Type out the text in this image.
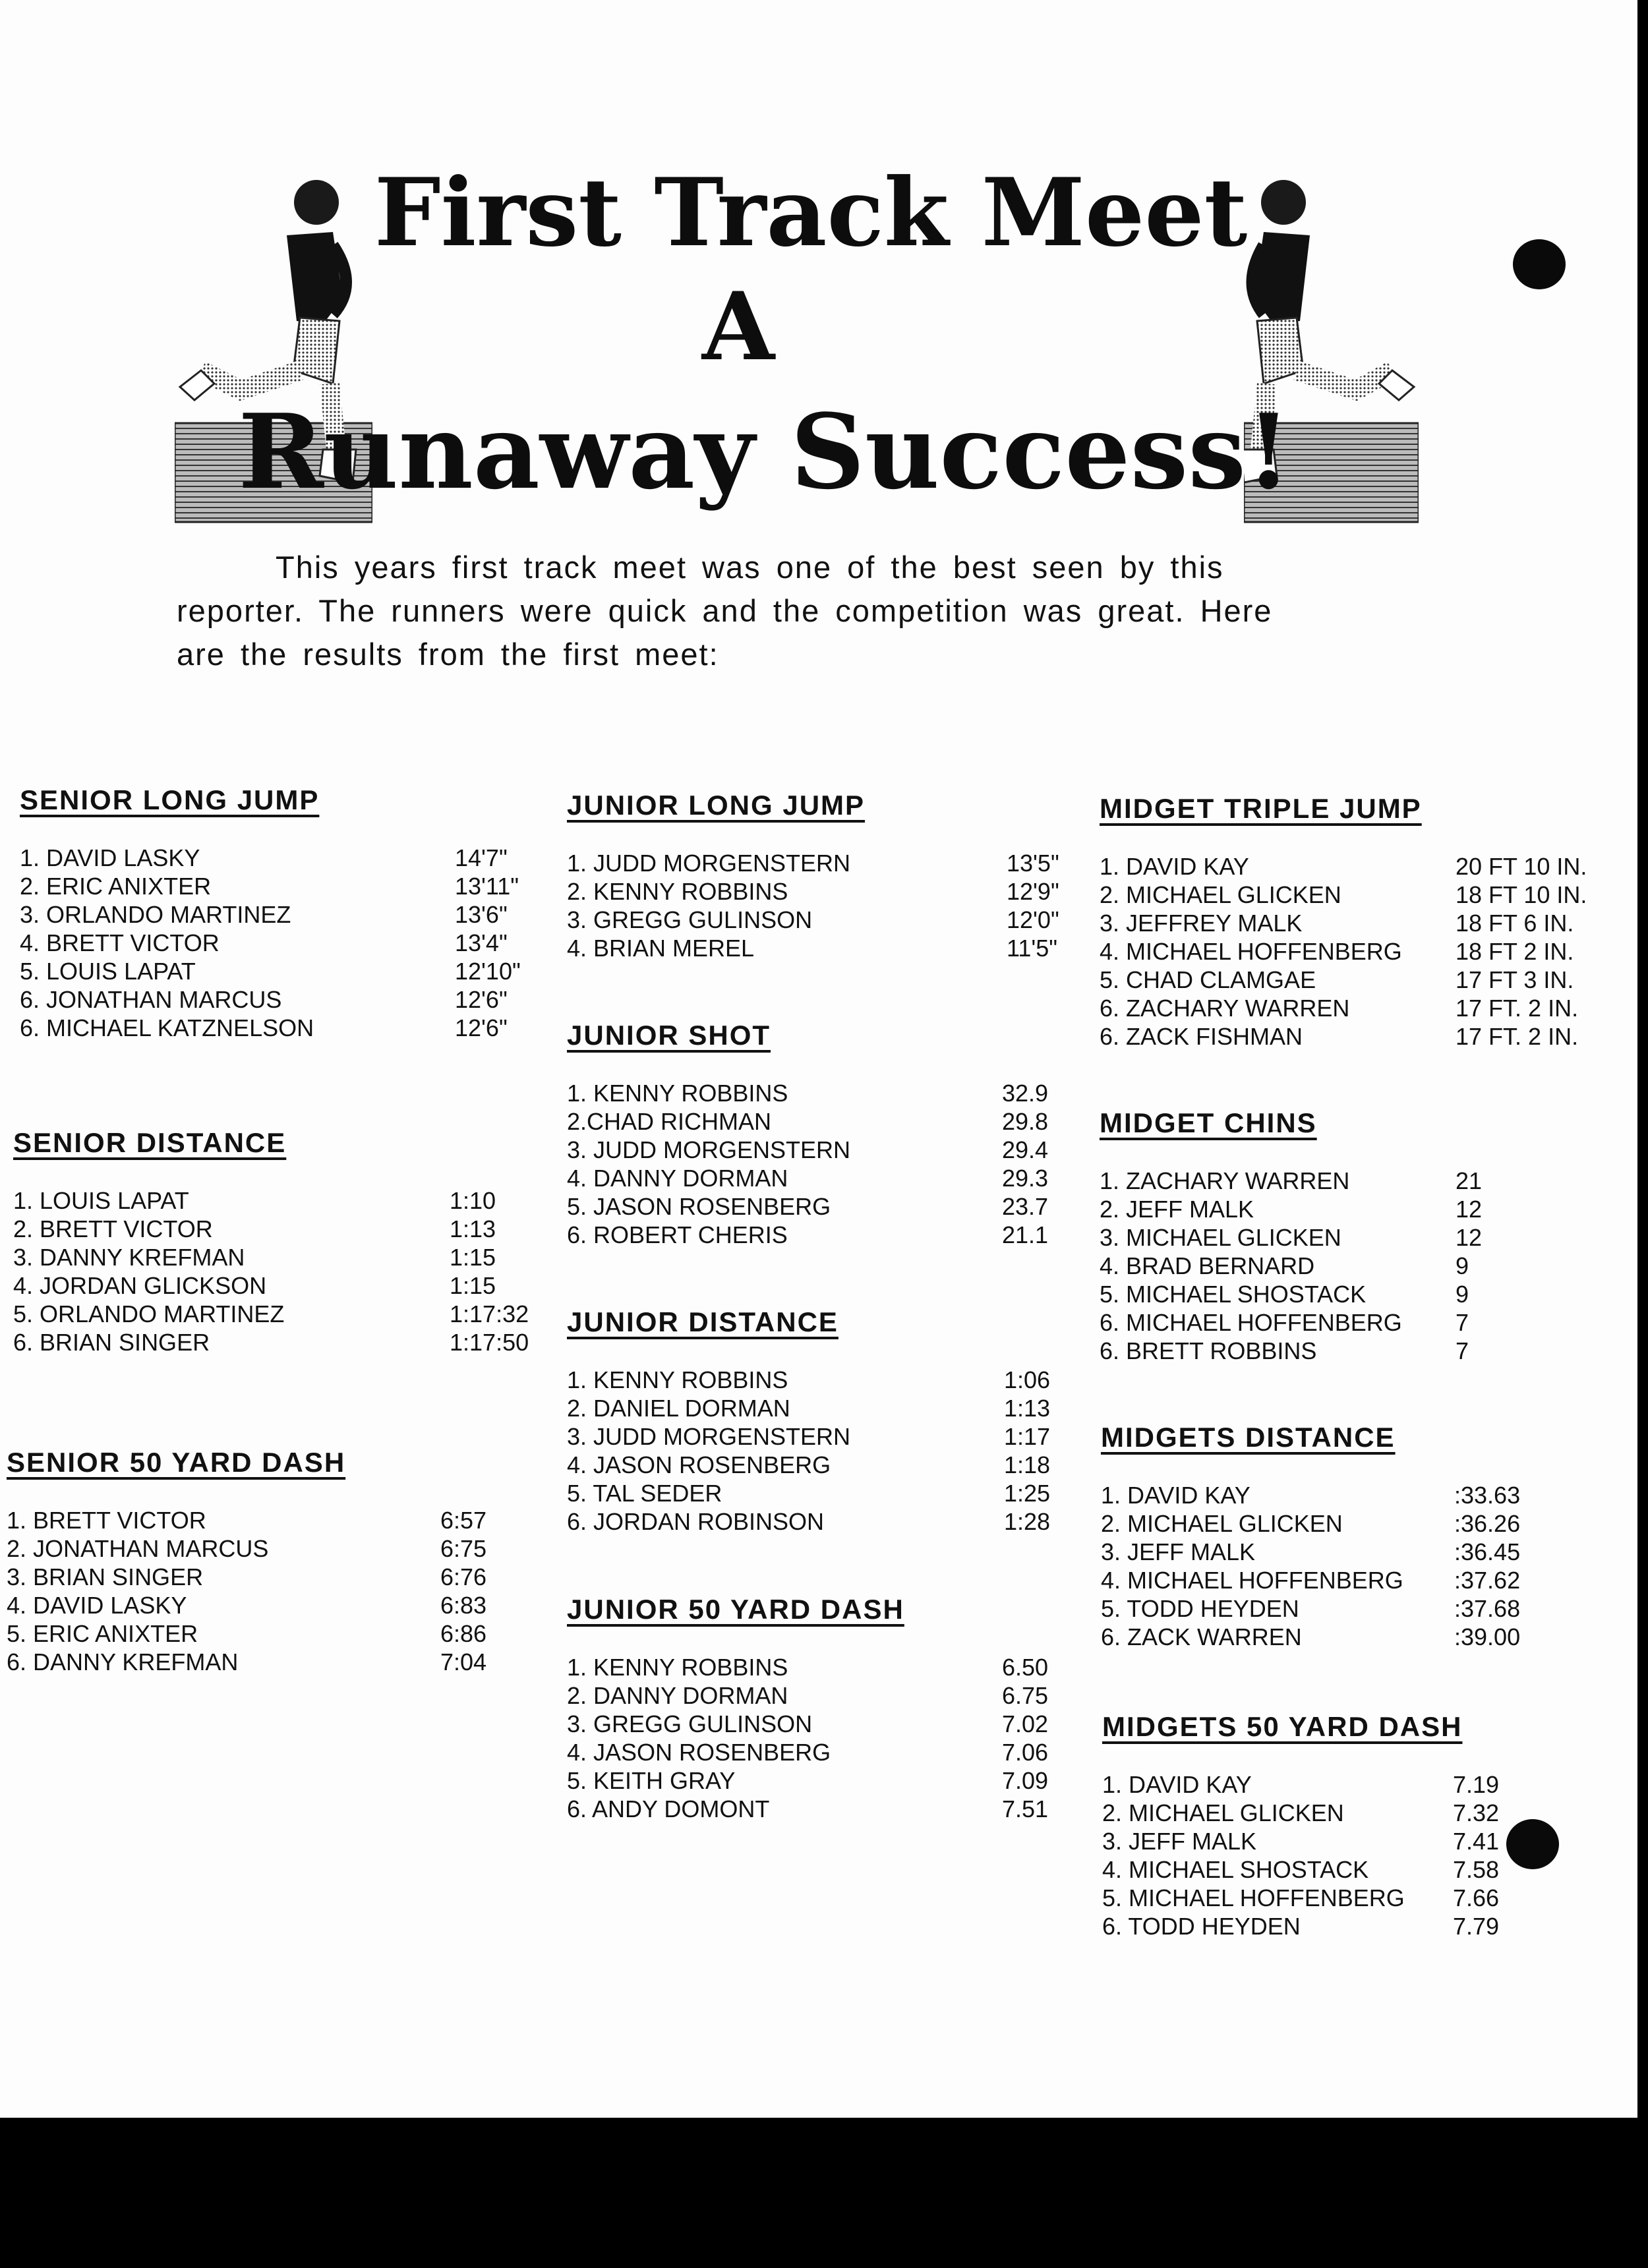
First Track Meet
A
Runaway Success!
This years first track meet was one of the best seen by this
reporter. The runners were quick and the competition was great. Here
are the results from the first meet:
SENIOR LONG JUMP
1. DAVID LASKY	14'7"
2. ERIC ANIXTER	13'11"
3. ORLANDO MARTINEZ	13'6"
4. BRETT VICTOR	13'4"
5. LOUIS LAPAT	12'10"
6. JONATHAN MARCUS	12'6"
6. MICHAEL KATZNELSON	12'6"
SENIOR DISTANCE
1. LOUIS LAPAT	1:10
2. BRETT VICTOR	1:13
3. DANNY KREFMAN	1:15
4. JORDAN GLICKSON	1:15
5. ORLANDO MARTINEZ	1:17:32
6. BRIAN SINGER	1:17:50
SENIOR 50 YARD DASH
1. BRETT VICTOR	6:57
2. JONATHAN MARCUS	6:75
3. BRIAN SINGER	6:76
4. DAVID LASKY	6:83
5. ERIC ANIXTER	6:86
6. DANNY KREFMAN	7:04
JUNIOR LONG JUMP
1. JUDD MORGENSTERN	13'5"
2. KENNY ROBBINS	12'9"
3. GREGG GULINSON	12'0"
4. BRIAN MEREL	11'5"
JUNIOR SHOT
1. KENNY ROBBINS	32.9
2.CHAD RICHMAN	29.8
3. JUDD MORGENSTERN	29.4
4. DANNY DORMAN	29.3
5. JASON ROSENBERG	23.7
6. ROBERT CHERIS	21.1
JUNIOR DISTANCE
1. KENNY ROBBINS	1:06
2. DANIEL DORMAN	1:13
3. JUDD MORGENSTERN	1:17
4. JASON ROSENBERG	1:18
5. TAL SEDER	1:25
6. JORDAN ROBINSON	1:28
JUNIOR 50 YARD DASH
1. KENNY ROBBINS	6.50
2. DANNY DORMAN	6.75
3. GREGG GULINSON	7.02
4. JASON ROSENBERG	7.06
5. KEITH GRAY	7.09
6. ANDY DOMONT	7.51
MIDGET TRIPLE JUMP
1. DAVID KAY	20 FT 10 IN.
2. MICHAEL GLICKEN	18 FT 10 IN.
3. JEFFREY MALK	18 FT 6 IN.
4. MICHAEL HOFFENBERG 18 FT 2 IN.
5. CHAD CLAMGAE	17 FT 3 IN.
6. ZACHARY WARREN	17 FT. 2 IN.
6. ZACK FISHMAN	17 FT. 2 IN.
MIDGET CHINS
1. ZACHARY WARREN	21
2. JEFF MALK	12
3. MICHAEL GLICKEN	12
4. BRAD BERNARD	9
5. MICHAEL SHOSTACK	9
6. MICHAEL HOFFENBERG 7
6. BRETT ROBBINS	7
MIDGETS DISTANCE
1. DAVID KAY	:33.63
2. MICHAEL GLICKEN	:36.26
3. JEFF MALK	:36.45
4. MICHAEL HOFFENBERG :37.62
5. TODD HEYDEN	:37.68
6. ZACK WARREN	:39.00
MIDGETS 50 YARD DASH
1. DAVID KAY	7.19
2. MICHAEL GLICKEN	7.32
3. JEFF MALK	7.41
4. MICHAEL SHOSTACK	7.58
5. MICHAEL HOFFENBERG 7.66
6. TODD HEYDEN	7.79
